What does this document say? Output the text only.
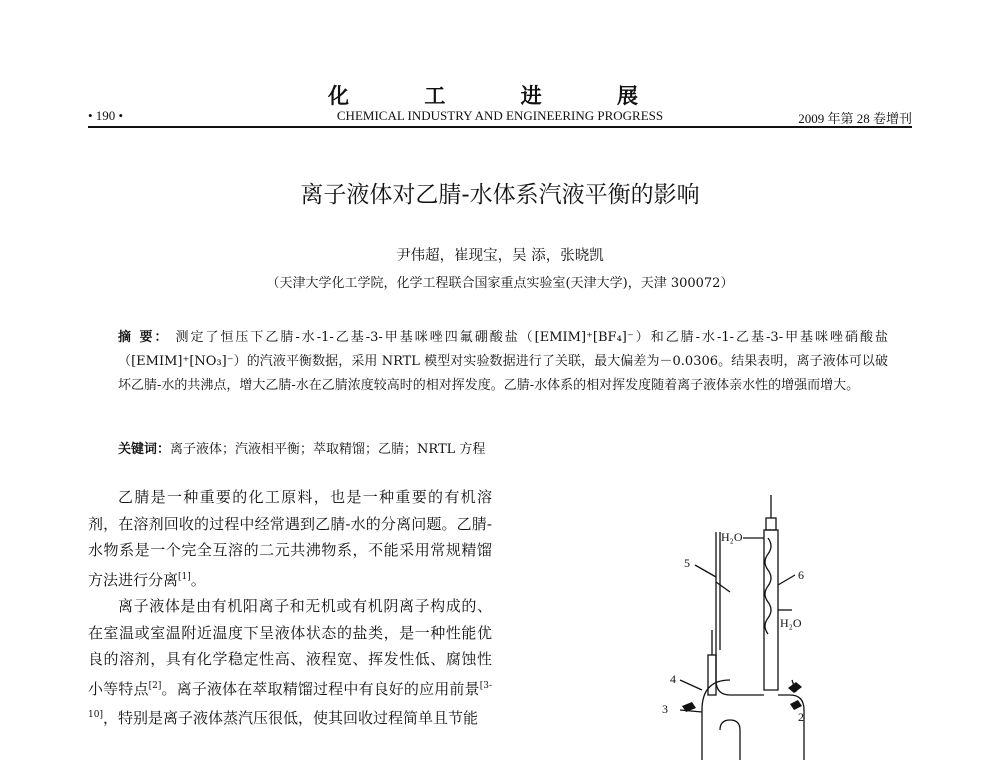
化 工 进 展
• 190 •	CHEMICAL INDUSTRY AND ENGINEERING PROGRESS	2009 年第 28 卷增刊
离子液体对乙腈-水体系汽液平衡的影响
尹伟超，崔现宝，吴 添，张晓凯
（天津大学化工学院，化学工程联合国家重点实验室(天津大学)，天津 300072）
摘 要： 测定了恒压下乙腈-水-1-乙基-3-甲基咪唑四氟硼酸盐（[EMIM]⁺[BF₄]⁻）和乙腈-水-1-乙基-3-甲基咪唑硝酸盐（[EMIM]⁺[NO₃]⁻）的汽液平衡数据，采用 NRTL 模型对实验数据进行了关联，最大偏差为－0.0306。结果表明，离子液体可以破坏乙腈-水的共沸点，增大乙腈-水在乙腈浓度较高时的相对挥发度。乙腈-水体系的相对挥发度随着离子液体亲水性的增强而增大。
关键词：离子液体；汽液相平衡；萃取精馏；乙腈；NRTL 方程

乙腈是一种重要的化工原料，也是一种重要的有机溶剂，在溶剂回收的过程中经常遇到乙腈-水的分离问题。乙腈-水物系是一个完全互溶的二元共沸物系，不能采用常规精馏方法进行分离[1]。

离子液体是由有机阳离子和无机或有机阴离子构成的、在室温或室温附近温度下呈液体状态的盐类，是一种性能优良的溶剂，具有化学稳定性高、液程宽、挥发性低、腐蚀性小等特点[2]。离子液体在萃取精馏过程中有良好的应用前景[3-10]，特别是离子液体蒸汽压很低，使其回收过程简单且节能

H₂O
H₂O
5
6
4
3
2
